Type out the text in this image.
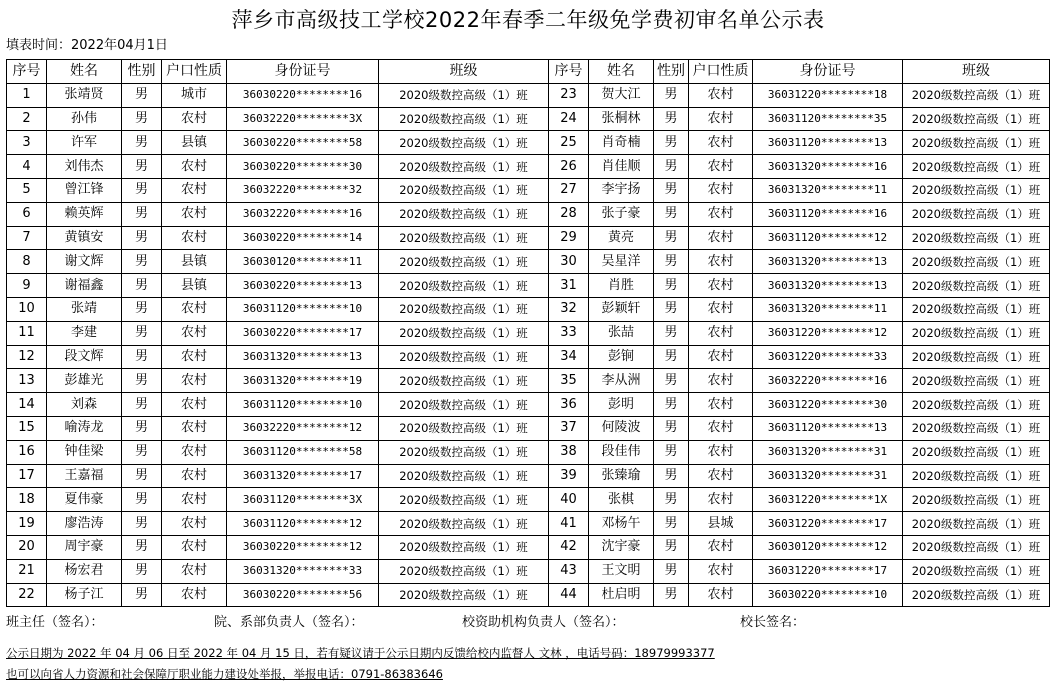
萍乡市高级技工学校2022年春季二年级免学费初审名单公示表
填表时间：2022年04月1日
序号	姓名	性别	户口性质	身份证号	班级	序号	姓名	性别	户口性质	身份证号	班级
1	张靖贤	男	城市	36030220********16	2020级数控高级（1）班	23	贺大江	男	农村	36031220********18	2020级数控高级（1）班
2	孙伟	男	农村	36032220********3X	2020级数控高级（1）班	24	张桐林	男	农村	36031120********35	2020级数控高级（1）班
3	许军	男	县镇	36030220********58	2020级数控高级（1）班	25	肖奇楠	男	农村	36031120********13	2020级数控高级（1）班
4	刘伟杰	男	农村	36030220********30	2020级数控高级（1）班	26	肖佳顺	男	农村	36031320********16	2020级数控高级（1）班
5	曾江锋	男	农村	36032220********32	2020级数控高级（1）班	27	李宇扬	男	农村	36031320********11	2020级数控高级（1）班
6	赖英辉	男	农村	36032220********16	2020级数控高级（1）班	28	张子豪	男	农村	36031120********16	2020级数控高级（1）班
7	黄镇安	男	农村	36030220********14	2020级数控高级（1）班	29	黄亮	男	农村	36031120********12	2020级数控高级（1）班
8	谢文辉	男	县镇	36030120********11	2020级数控高级（1）班	30	吴星洋	男	农村	36031320********13	2020级数控高级（1）班
9	谢福鑫	男	县镇	36030220********13	2020级数控高级（1）班	31	肖胜	男	农村	36031320********13	2020级数控高级（1）班
10	张靖	男	农村	36031120********10	2020级数控高级（1）班	32	彭颖轩	男	农村	36031320********11	2020级数控高级（1）班
11	李建	男	农村	36030220********17	2020级数控高级（1）班	33	张喆	男	农村	36031220********12	2020级数控高级（1）班
12	段文辉	男	农村	36031320********13	2020级数控高级（1）班	34	彭锏	男	农村	36031220********33	2020级数控高级（1）班
13	彭雄光	男	农村	36031320********19	2020级数控高级（1）班	35	李从洲	男	农村	36032220********16	2020级数控高级（1）班
14	刘森	男	农村	36031120********10	2020级数控高级（1）班	36	彭明	男	农村	36031220********30	2020级数控高级（1）班
15	喻涛龙	男	农村	36032220********12	2020级数控高级（1）班	37	何陵波	男	农村	36031120********13	2020级数控高级（1）班
16	钟佳梁	男	农村	36031120********58	2020级数控高级（1）班	38	段佳伟	男	农村	36031320********31	2020级数控高级（1）班
17	王嘉福	男	农村	36031320********17	2020级数控高级（1）班	39	张臻瑜	男	农村	36031320********31	2020级数控高级（1）班
18	夏伟豪	男	农村	36031120********3X	2020级数控高级（1）班	40	张棋	男	农村	36031220********1X	2020级数控高级（1）班
19	廖浩涛	男	农村	36031120********12	2020级数控高级（1）班	41	邓杨午	男	县城	36031220********17	2020级数控高级（1）班
20	周宇豪	男	农村	36030220********12	2020级数控高级（1）班	42	沈宇豪	男	农村	36030120********12	2020级数控高级（1）班
21	杨宏君	男	农村	36031320********33	2020级数控高级（1）班	43	王文明	男	农村	36031220********17	2020级数控高级（1）班
22	杨子江	男	农村	36030220********56	2020级数控高级（1）班	44	杜启明	男	农村	36030220********10	2020级数控高级（1）班
班主任（签名）：	院、系部负责人（签名）：	校资助机构负责人（签名）：	校长签名：
公示日期为 2022 年 04 月 06 日至 2022 年 04 月 15 日，若有疑议请于公示日期内反馈给校内监督人 文林 ，电话号码：18979993377
也可以向省人力资源和社会保障厅职业能力建设处举报，举报电话：0791-86383646
